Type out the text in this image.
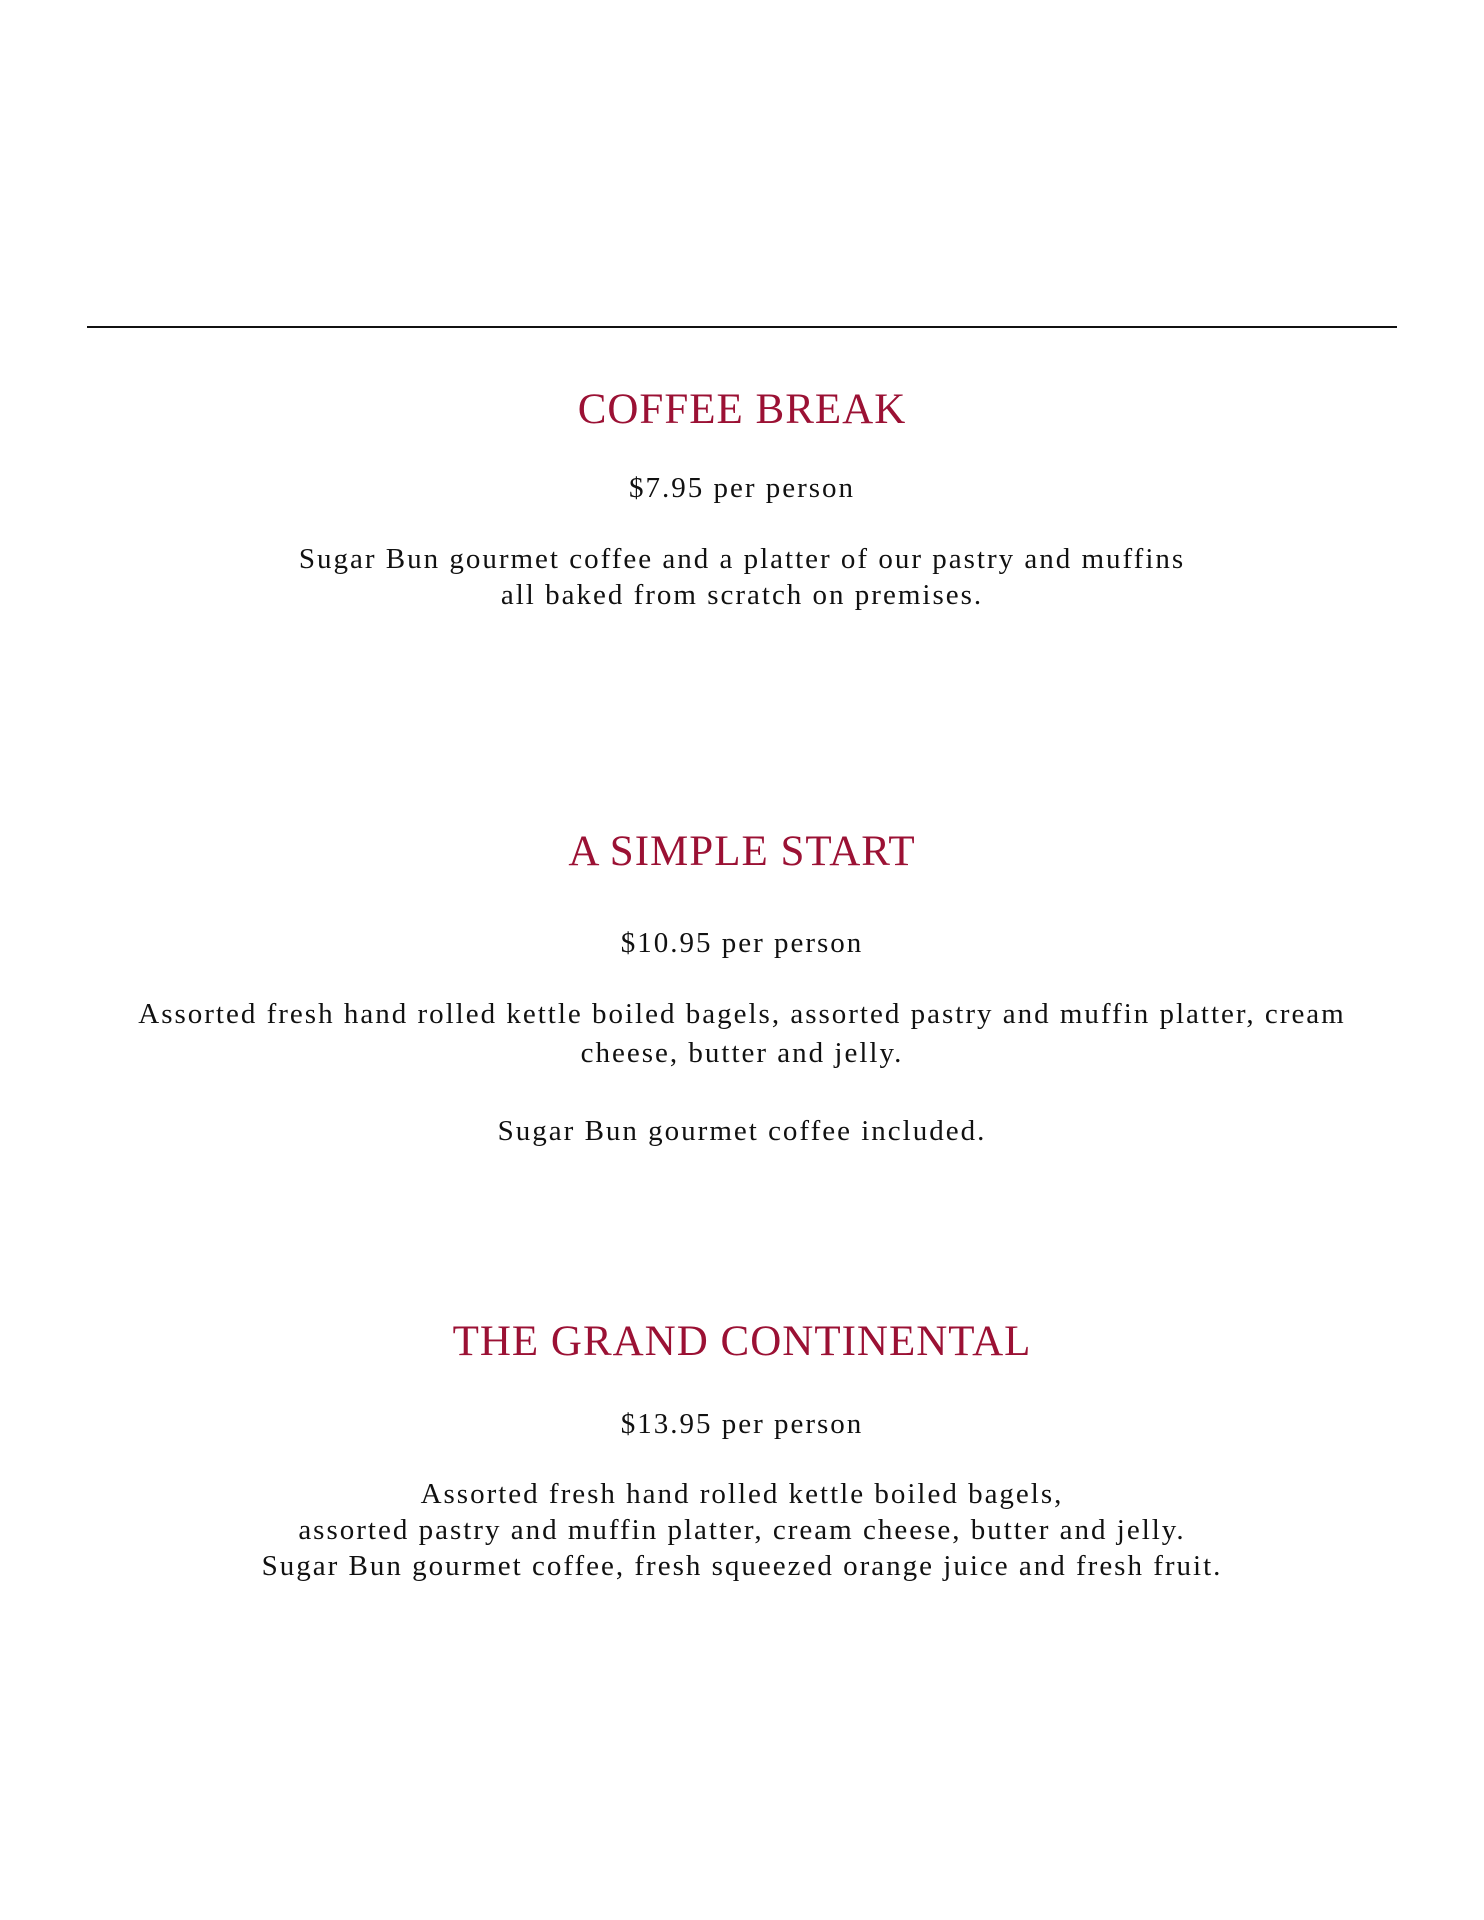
COFFEE BREAK
$7.95 per person
Sugar Bun gourmet coffee and a platter of our pastry and muffins
all baked from scratch on premises.
A SIMPLE START
$10.95 per person
Assorted fresh hand rolled kettle boiled bagels, assorted pastry and muffin platter, cream
cheese, butter and jelly.
Sugar Bun gourmet coffee included.
THE GRAND CONTINENTAL
$13.95 per person
Assorted fresh hand rolled kettle boiled bagels,
assorted pastry and muffin platter, cream cheese, butter and jelly.
Sugar Bun gourmet coffee, fresh squeezed orange juice and fresh fruit.
